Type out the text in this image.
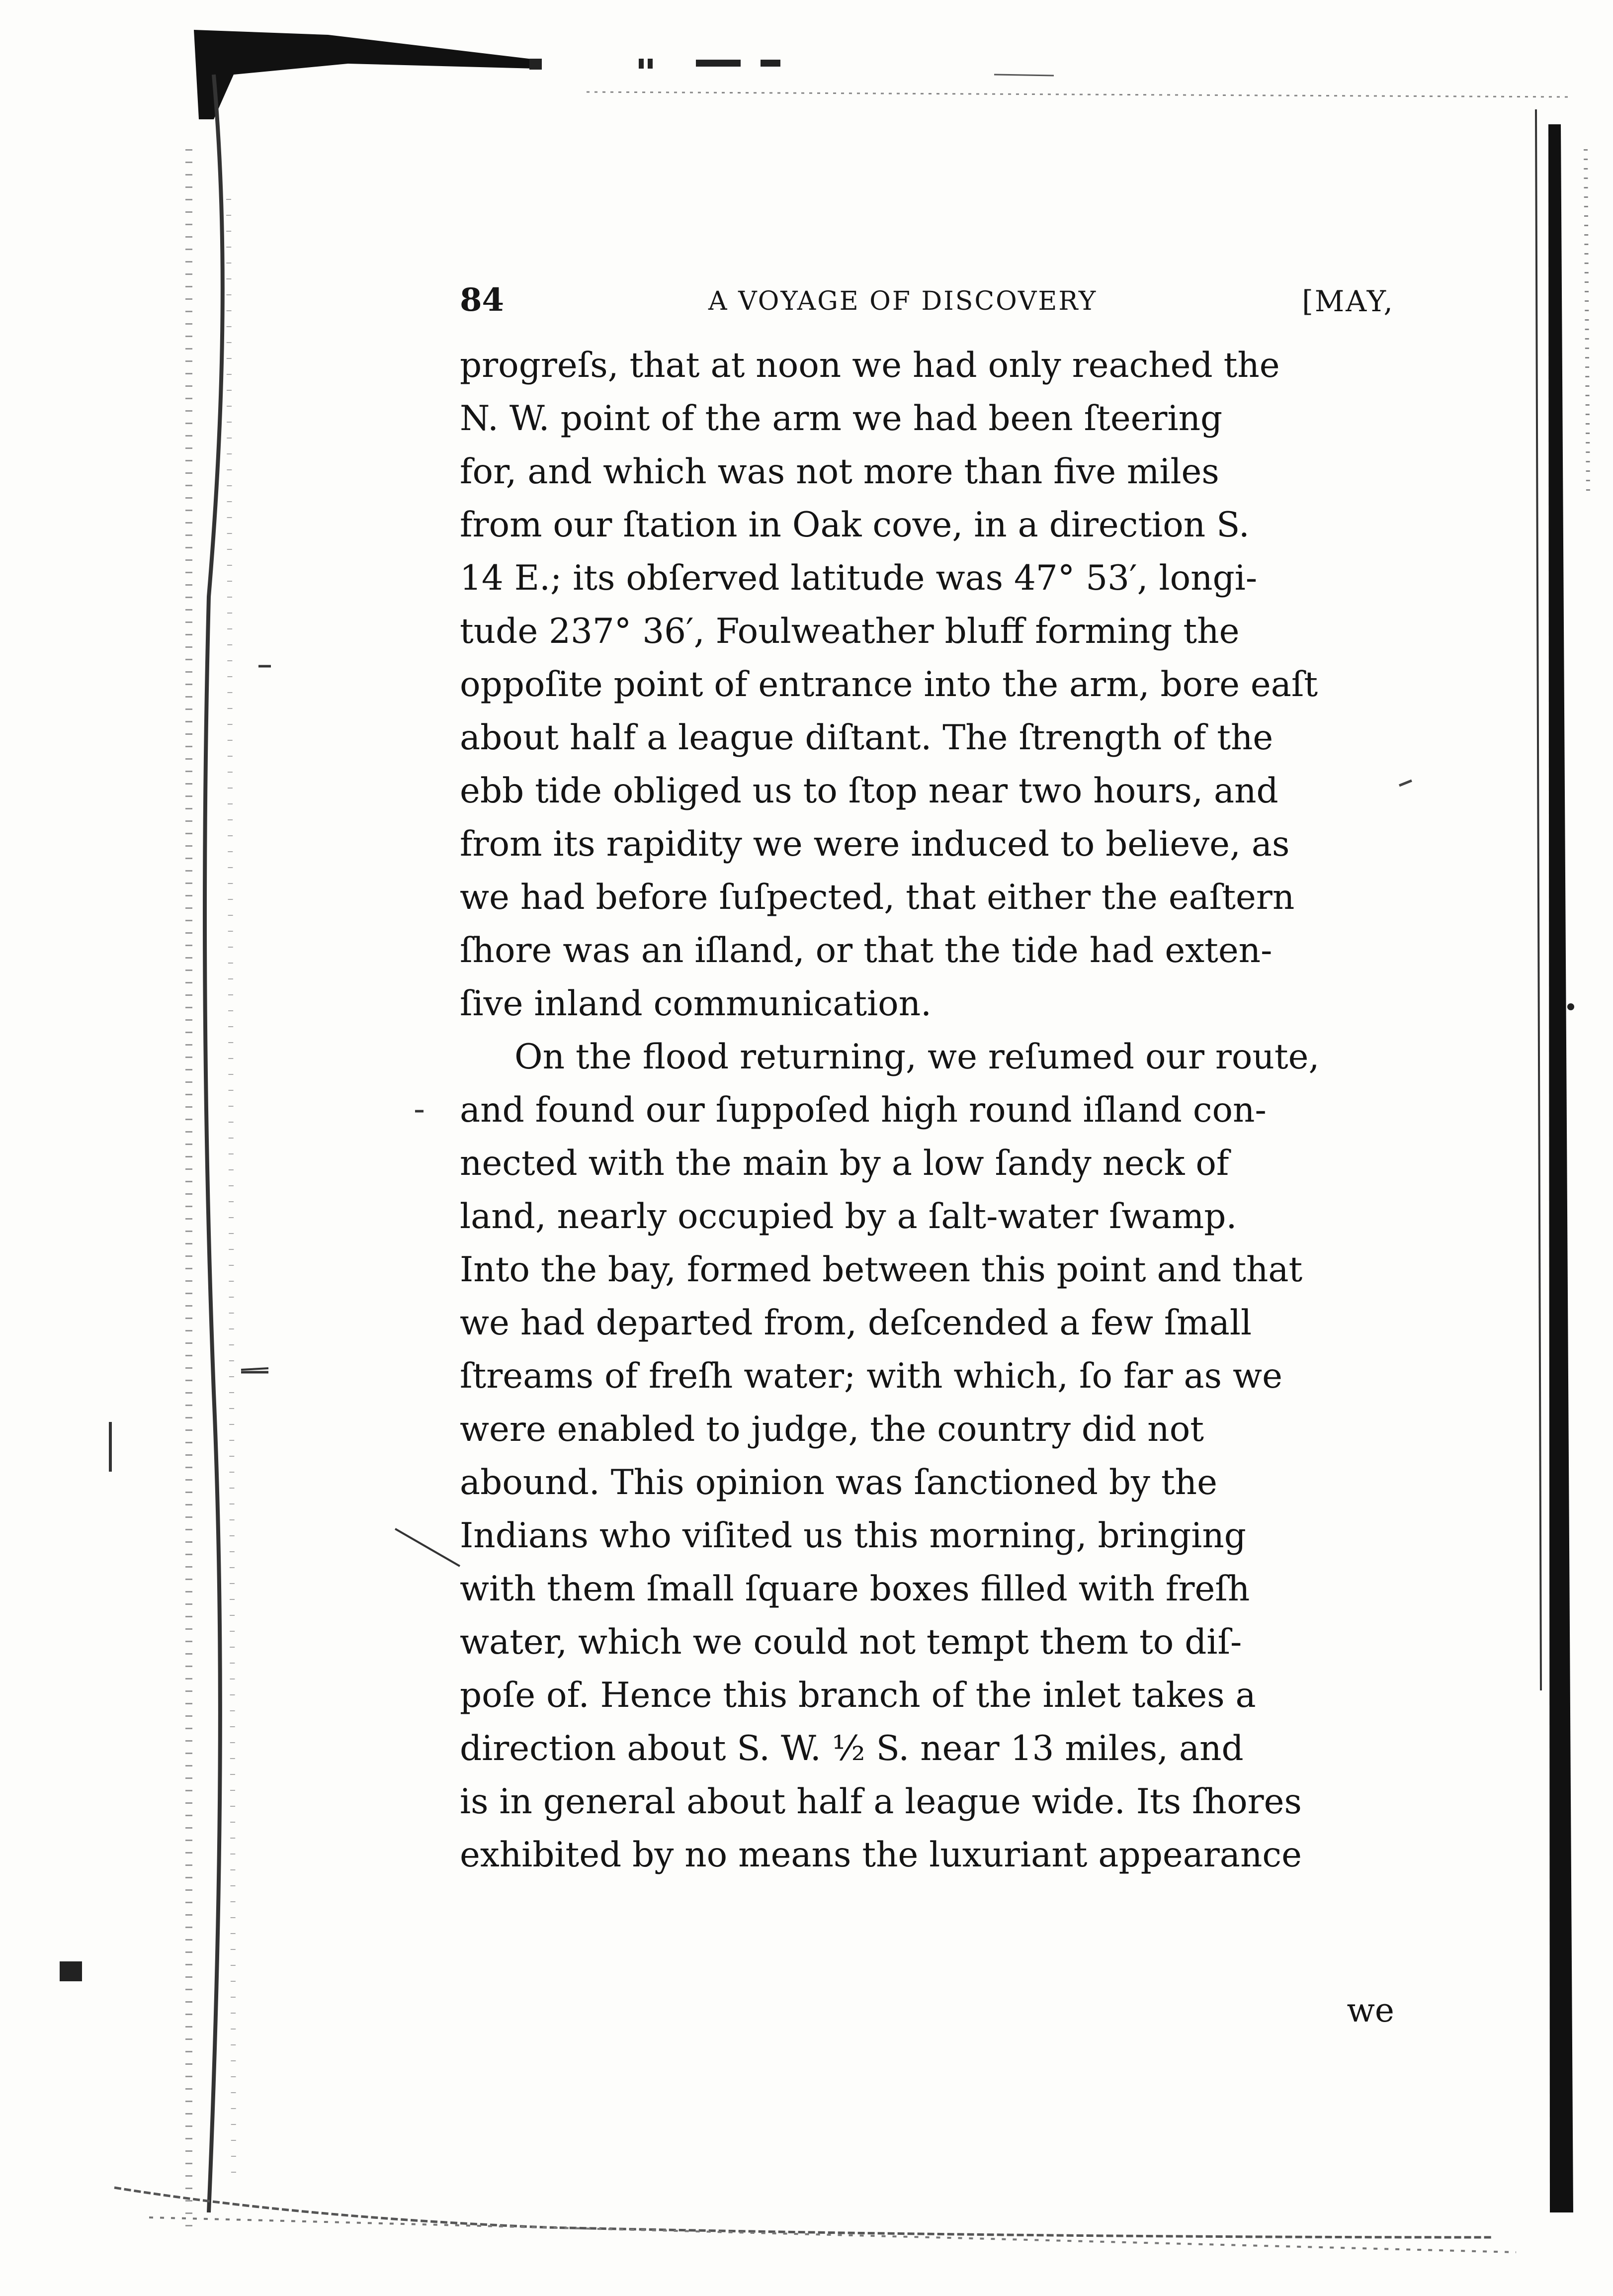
84	A VOYAGE OF DISCOVERY	[MAY,
progreſs, that at noon we had only reached the
N. W. point of the arm we had been ſteering
for, and which was not more than five miles
from our ſtation in Oak cove, in a direction S.
14 E.; its obſerved latitude was 47° 53′, longi-
tude 237° 36′, Foulweather bluff forming the
oppoſite point of entrance into the arm, bore eaſt
about half a league diſtant. The ſtrength of the
ebb tide obliged us to ſtop near two hours, and
from its rapidity we were induced to believe, as
we had before ſuſpected, that either the eaſtern
ſhore was an iſland, or that the tide had exten-
ſive inland communication.
On the flood returning, we reſumed our route,
and found our ſuppoſed high round iſland con-
nected with the main by a low ſandy neck of
land, nearly occupied by a ſalt-water ſwamp.
Into the bay, formed between this point and that
we had departed from, deſcended a few ſmall
ſtreams of freſh water; with which, ſo far as we
were enabled to judge, the country did not
abound. This opinion was ſanctioned by the
Indians who viſited us this morning, bringing
with them ſmall ſquare boxes filled with freſh
water, which we could not tempt them to diſ-
poſe of. Hence this branch of the inlet takes a
direction about S. W. ½ S. near 13 miles, and
is in general about half a league wide. Its ſhores
exhibited by no means the luxuriant appearance
we
